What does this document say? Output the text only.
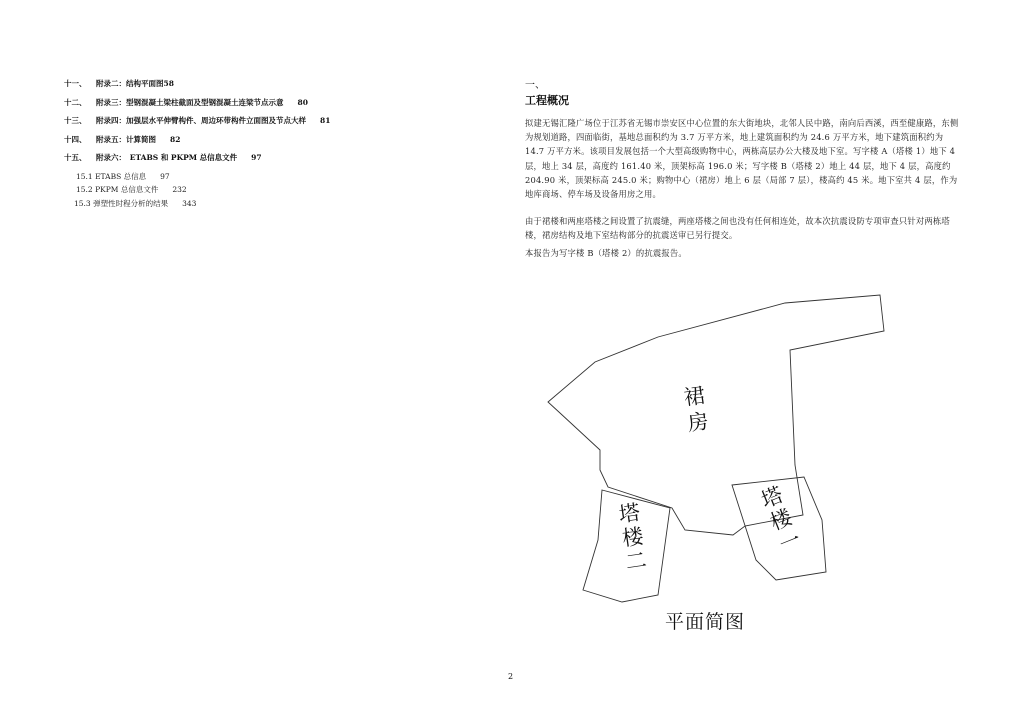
十一、 附录二：结构平面图58
十二、 附录三：型钢混凝土梁柱截面及型钢混凝土连梁节点示意 80
十三、 附录四：加强层水平伸臂构件、周边环带构件立面图及节点大样 81
十四、 附录五：计算简图 82
十五、 附录六：　ETABS 和 PKPM 总信息文件 97
15.1 ETABS 总信息 97
15.2 PKPM 总信息文件 232
15.3 弹塑性时程分析的结果 343
一、
工程概况

拟建无锡汇隆广场位于江苏省无锡市崇安区中心位置的东大街地块，北邻人民中路，南向后西溪，西至健康路，东侧为规划道路，四面临街，基地总面积约为 3.7 万平方米，地上建筑面积约为 24.6 万平方米，地下建筑面积约为 14.7 万平方米。该项目发展包括一个大型高级购物中心，两栋高层办公大楼及地下室。写字楼 A（塔楼 1）地下 4 层，地上 34 层，高度约 161.40 米，顶架标高 196.0 米；写字楼 B（塔楼 2）地上 44 层，地下 4 层，高度约 204.90 米，顶架标高 245.0 米；购物中心（裙房）地上 6 层（局部 7 层），楼高约 45 米。地下室共 4 层，作为地库商场、停车场及设备用房之用。

由于裙楼和两座塔楼之间设置了抗震缝，两座塔楼之间也没有任何相连处，故本次抗震设防专项审查只针对两栋塔楼，裙房结构及地下室结构部分的抗震送审已另行提交。

本报告为写字楼 B（塔楼 2）的抗震报告。

裙
房
塔
楼
二
塔
楼
一
平面简图
2
